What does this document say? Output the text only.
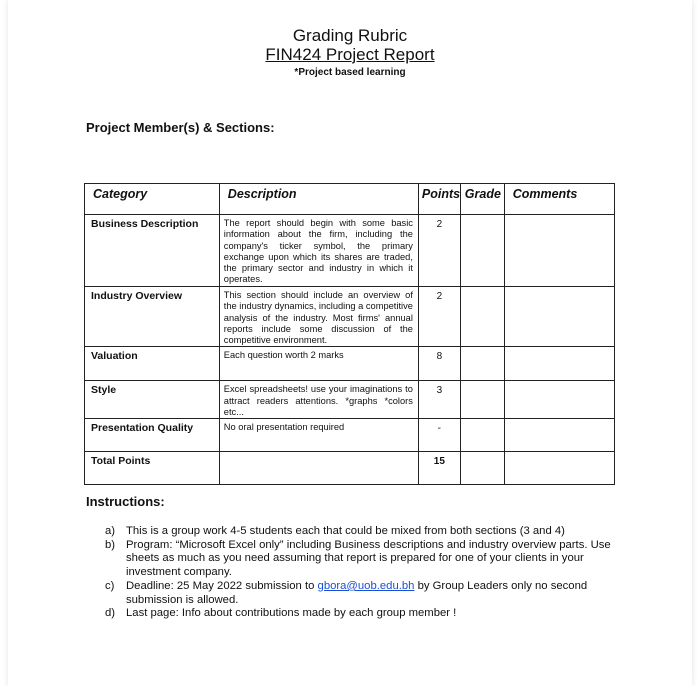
Grading Rubric
FIN424 Project Report
*Project based learning
Project Member(s) & Sections:
Category	Description	Points	Grade	Comments

Business Description	The report should begin with some basic information about the firm, including the company's ticker symbol, the primary exchange upon which its shares are traded, the primary sector and industry in which it operates.	2		
Industry Overview	This section should include an overview of the industry dynamics, including a competitive analysis of the industry. Most firms' annual reports include some discussion of the competitive environment.	2		
Valuation	Each question worth 2 marks	8		
Style	Excel spreadsheets! use your imaginations to attract readers attentions. *graphs *colors etc...	3		
Presentation Quality	No oral presentation required	-		
Total Points		15		
Instructions:
a) This is a group work 4-5 students each that could be mixed from both sections (3 and 4)
b) Program: “Microsoft Excel only” including Business descriptions and industry overview parts. Use sheets as much as you need assuming that report is prepared for one of your clients in your investment company.
c)	Deadline: 25 May 2022 submission to gbora@uob.edu.bh by Group Leaders only no second submission is allowed.
d) Last page: Info about contributions made by each group member !
